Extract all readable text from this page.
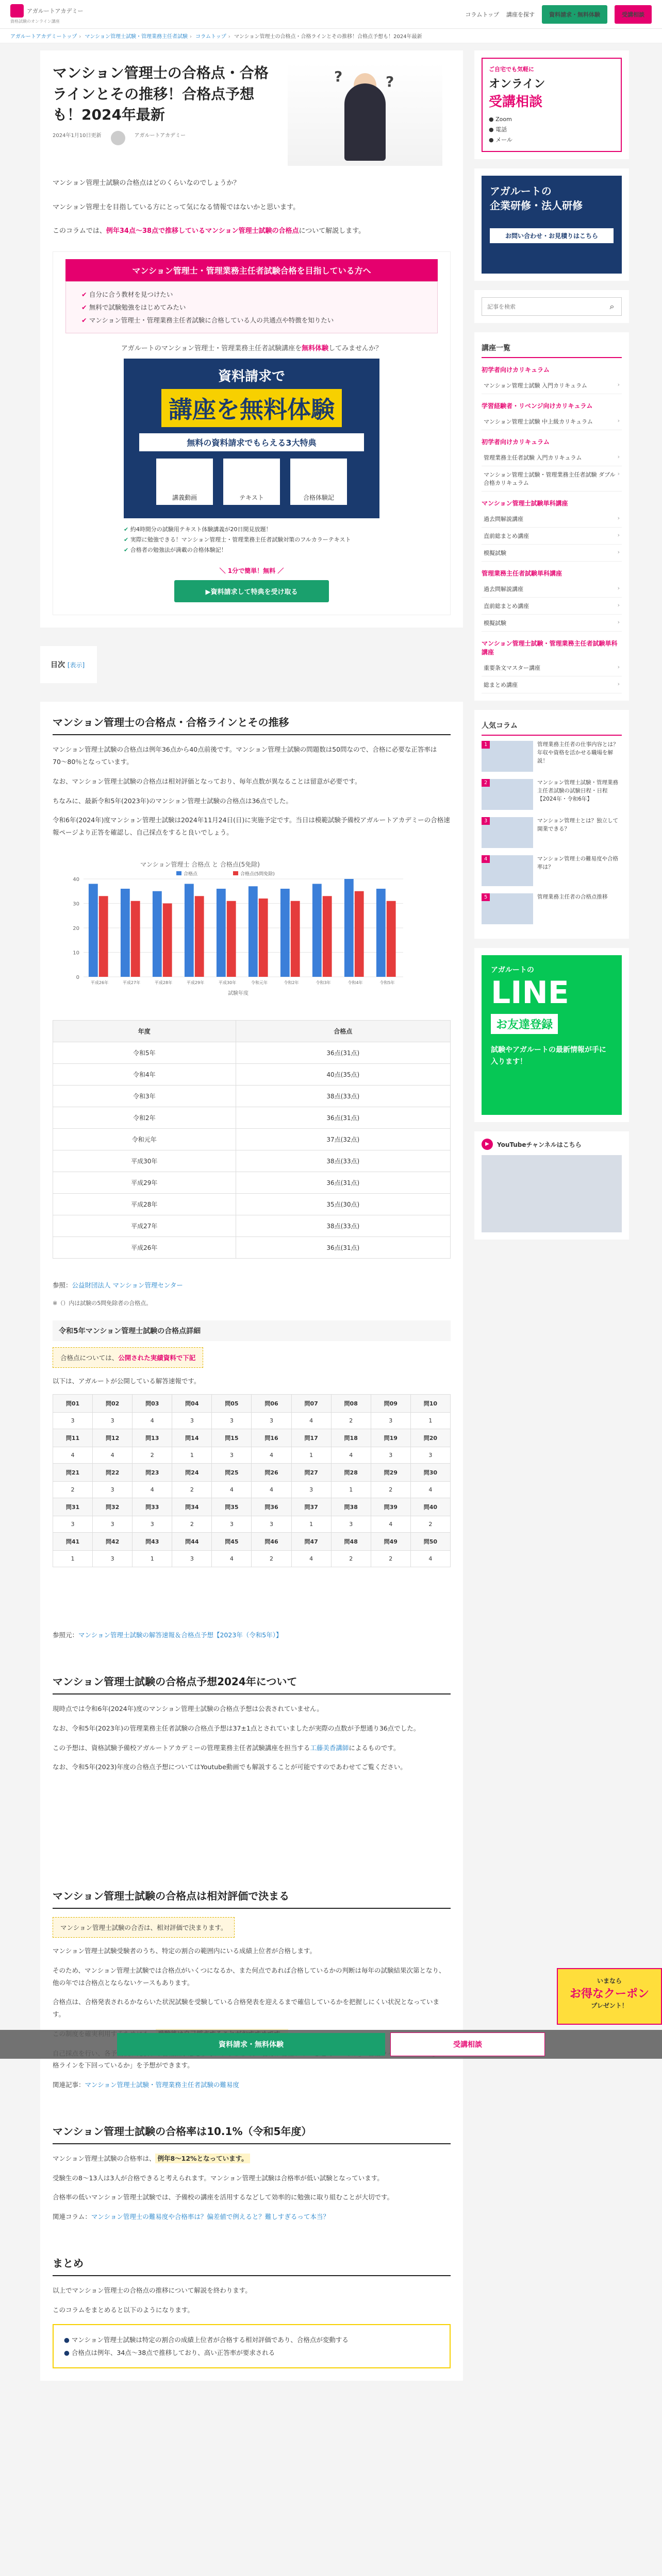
アガルートアカデミー
資格試験のオンライン講座
コラムトップ 講座を探す	資料請求・無料体験	受講相談
アガルートアカデミートップ › マンション管理士試験・管理業務主任者試験 › コラムトップ › マンション管理士の合格点・合格ラインとその推移！合格点予想も！2024年最新
マンション管理士の合格点・合格ラインとその推移！合格点予想も！2024年最新
2024年1月10日更新	アガルートアカデミー
?	?

マンション管理士試験の合格点はどのくらいなのでしょうか？

マンション管理士を目指している方にとって気になる情報ではないかと思います。

このコラムでは、例年34点〜38点で推移しているマンション管理士試験の合格点について解説します。

マンション管理士・管理業務主任者試験合格を目指している方へ
✔ 自分に合う教材を見つけたい
✔ 無料で試験勉強をはじめてみたい
✔ マンション管理士・管理業務主任者試験に合格している人の共通点や特徴を知りたい

アガルートのマンション管理士・管理業務主任者試験講座を無料体験してみませんか？

資料請求で
講座を無料体験
無料の資料請求でもらえる3大特典
講義動画	テキスト	合格体験記
✔ 約4時間分の試験用テキスト体験講義が20日間見放題！
✔ 実際に勉強できる！マンション管理士・管理業務主任者試験対策のフルカラーテキスト
✔ 合格者の勉強法が満載の合格体験記！
＼ 1分で簡単！無料 ／
▶資料請求して特典を受け取る
目次 [表示]
マンション管理士の合格点・合格ラインとその推移

マンション管理士試験の合格点は例年36点から40点前後です。マンション管理士試験の問題数は50問なので、合格に必要な正答率は70〜80％となっています。

なお、マンション管理士試験の合格点は相対評価となっており、毎年点数が異なることは留意が必要です。

ちなみに、最新令和5年(2023年)のマンション管理士試験の合格点は36点でした。

令和6年(2024年)度マンション管理士試験は2024年11月24日(日)に実施予定です。当日は模範試験予備校アガルートアカデミーの合格速報ページより正答を確認し、自己採点をすると良いでしょう。

マンション管理士 合格点 と 合格点(5免除)
合格点	合格点(5問免除)
0
10
20
30
40
平成26年	平成27年	平成28年	平成29年	平成30年	令和元年	令和2年	令和3年	令和4年	令和5年
試験年度
年度	合格点
令和5年	36点(31点)
令和4年	40点(35点)
令和3年	38点(33点)
令和2年	36点(31点)
令和元年	37点(32点)
平成30年	38点(33点)
平成29年	36点(31点)
平成28年	35点(30点)
平成27年	38点(33点)
平成26年	36点(31点)

参照：公益財団法人 マンション管理センター

※（）内は試験の5問免除者の合格点。

令和5年マンション管理士試験の合格点詳細
合格点については、公開された実績資料で下記

以下は、アガルートが公開している解答速報です。

問01	問02	問03	問04	問05	問06	問07	問08	問09	問10
3	3	4	3	3	3	4	2	3	1
問11	問12	問13	問14	問15	問16	問17	問18	問19	問20
4	4	2	1	3	4	1	4	3	3
問21	問22	問23	問24	問25	問26	問27	問28	問29	問30
2	3	4	2	4	4	3	1	2	4
問31	問32	問33	問34	問35	問36	問37	問38	問39	問40
3	3	3	2	3	3	1	3	4	2
問41	問42	問43	問44	問45	問46	問47	問48	問49	問50
1	3	1	3	4	2	4	2	2	4

参照元：マンション管理士試験の解答速報＆合格点予想【2023年（令和5年）】

マンション管理士試験の合格点予想2024年について

現時点では令和6年(2024年)度のマンション管理士試験の合格点予想は公表されていません。

なお、令和5年(2023年)の管理業務主任者試験の合格点予想は37±1点とされていましたが実際の点数が予想通り36点でした。

この予想は、資格試験予備校アガルートアカデミーの管理業務主任者試験講座を担当する工藤美香講師によるものです。

なお、令和5年(2023)年度の合格点予想についてはYoutube動画でも解説することが可能ですのであわせてご覧ください。

マンション管理士試験の合格点は相対評価で決まる
マンション管理士試験の合否は、相対評価で決まります。

マンション管理士試験受験者のうち、特定の割合の範囲内にいる成績上位者が合格します。

そのため、マンション管理士試験では合格点がいくつになるか、また何点であれば合格しているかの判断は毎年の試験結果次第となり、他の年では合格点とならないケースもあります。

合格点は、合格発表されるかならいた状況試験を受験している合格発表を迎えるまで確信しているかを把握しにくい状況となっています。

格ラインを下回っているか」を予想ができます。

関連記事：マンション管理士試験・管理業務主任者試験の難易度

マンション管理士試験の合格率は10.1%（令和5年度）

マンション管理士試験の合格率は、 例年8〜12%となっています。

受験生の8〜13人は3人が合格できると考えられます。マンション管理士試験は合格率が低い試験となっています。

合格率の低いマンション管理士試験では、予備校の講座を活用するなどして効率的に勉強に取り組むことが大切です。

関連コラム：マンション管理士の難易度や合格率は？偏差値で例えると？難しすぎるって本当？

まとめ

以上でマンション管理士の合格点の推移について解説を終わります。

このコラムをまとめると以下のようになります。

● マンション管理士試験は特定の割合の成績上位者が合格する相対評価であり、合格点が変動する
● 合格点は例年、34点〜38点で推移しており、高い正答率が要求される
ご自宅でも気軽に
オンライン
受講相談
● Zoom
● 電話
● メール
アガルートの
企業研修・法人研修
お問い合わせ・お見積りはこちら
記事を検索
⌕
講座一覧
初学者向けカリキュラム
マンション管理士試験 入門カリキュラム	›
学習経験者・リベンジ向けカリキュラム
マンション管理士試験 中上級カリキュラム	›
初学者向けカリキュラム
管理業務主任者試験 入門カリキュラム	›
マンション管理士試験・管理業務主任者試験 ダブル合格カリキュラム
›
マンション管理士試験単科講座
過去問解説講座	›
直前総まとめ講座	›
模擬試験	›
管理業務主任者試験単科講座
過去問解説講座	›
直前総まとめ講座	›
模擬試験	›
マンション管理士試験・管理業務主任者試験単科講座
重要条文マスター講座	›
総まとめ講座	›
人気コラム
1	管理業務主任者の仕事内容とは？年収や資格を活かせる職場を解説！
2	マンション管理士試験・管理業務主任者試験の試験日程・日程【2024年・令和6年】
3	マンション管理士とは？独立して開業できる？
4	マンション管理士の難易度や合格率は？
5	管理業務主任者の合格点推移
アガルートの
LINE
お友達登録
試験やアガルートの最新情報が手に入ります！
▶	YouTubeチャンネルはこちら
いまなら
お得なクーポン
プレゼント！
資料請求・無料体験	受講相談
